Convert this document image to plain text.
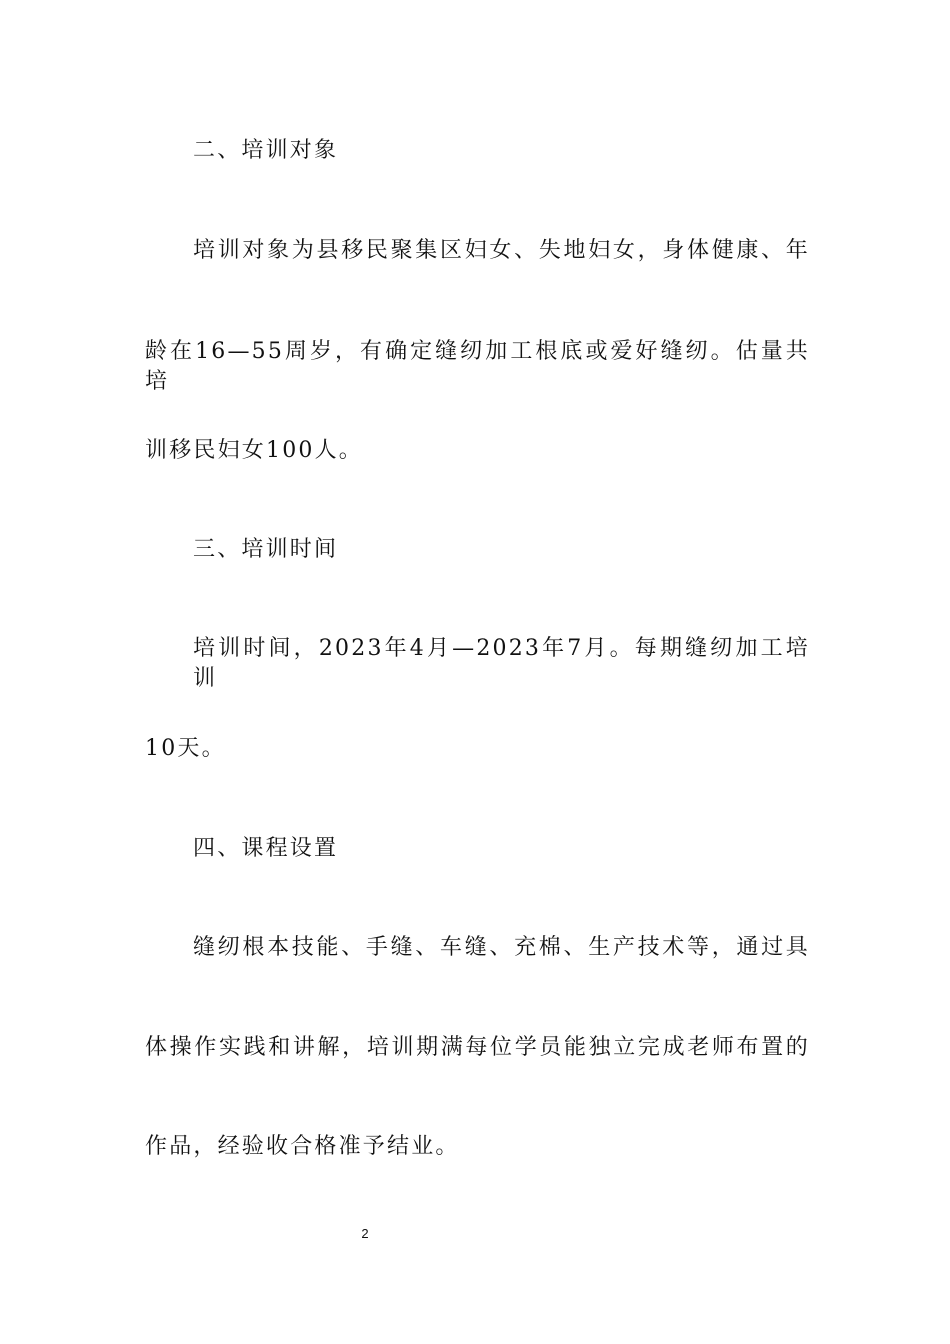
二、培训对象
培训对象为县移民聚集区妇女、失地妇女，身体健康、年
龄在16—55周岁，有确定缝纫加工根底或爱好缝纫。估量共培
训移民妇女100人。
三、培训时间
培训时间，2023年4月—2023年7月。每期缝纫加工培训
10天。
四、课程设置
缝纫根本技能、手缝、车缝、充棉、生产技术等，通过具
体操作实践和讲解，培训期满每位学员能独立完成老师布置的
作品，经验收合格准予结业。
2
